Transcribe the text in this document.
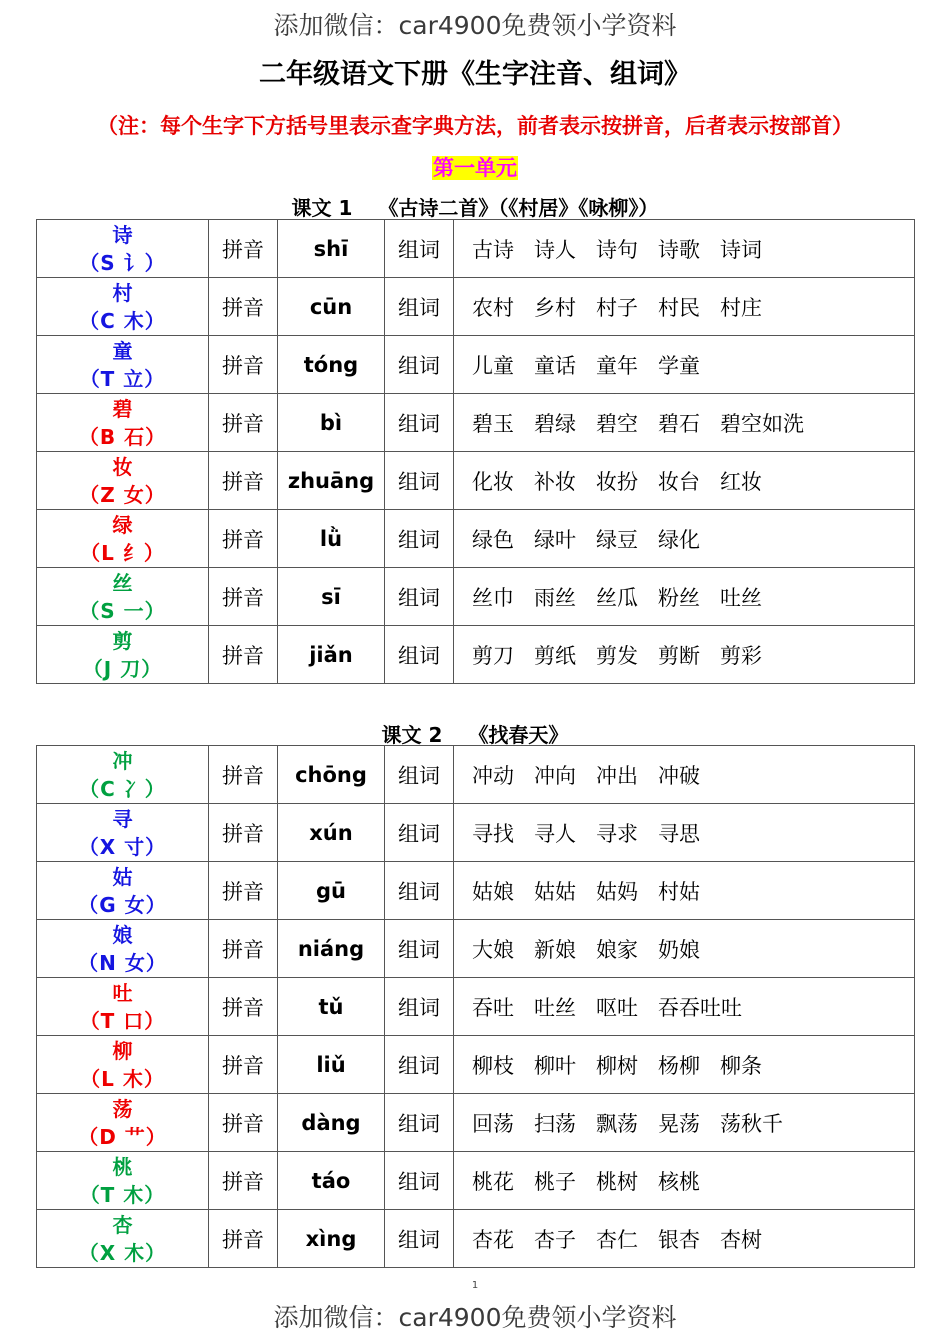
添加微信：car4900免费领小学资料
二年级语文下册《生字注音、组词》
（注：每个生字下方括号里表示查字典方法，前者表示按拼音，后者表示按部首）
第一单元
课文 1 《古诗二首》（《村居》《咏柳》）
诗
（S 讠）	拼音	shī	组词	古诗 诗人 诗句 诗歌 诗词

村
（C 木）	拼音	cūn	组词	农村 乡村 村子 村民 村庄

童
（T 立）	拼音	tóng	组词	儿童 童话 童年 学童

碧
（B 石）	拼音	bì	组词	碧玉 碧绿 碧空 碧石 碧空如洗

妆
（Z 女）	拼音	zhuāng	组词	化妆 补妆 妆扮 妆台 红妆

绿
（L 纟）	拼音	lǜ	组词	绿色 绿叶 绿豆 绿化

丝
（S 一）	拼音	sī	组词	丝巾 雨丝 丝瓜 粉丝 吐丝

剪
（J 刀）	拼音	jiǎn	组词	剪刀 剪纸 剪发 剪断 剪彩
课文 2 《找春天》
冲
（C 冫）	拼音	chōng	组词	冲动 冲向 冲出 冲破

寻
（X 寸）	拼音	xún	组词	寻找 寻人 寻求 寻思

姑
（G 女）	拼音	gū	组词	姑娘 姑姑 姑妈 村姑

娘
（N 女）	拼音	niáng	组词	大娘 新娘 娘家 奶娘

吐
（T 口）	拼音	tǔ	组词	吞吐 吐丝 呕吐 吞吞吐吐

柳
（L 木）	拼音	liǔ	组词	柳枝 柳叶 柳树 杨柳 柳条

荡
（D 艹）	拼音	dàng	组词	回荡 扫荡 飘荡 晃荡 荡秋千

桃
（T 木）	拼音	táo	组词	桃花 桃子 桃树 核桃

杏
（X 木）	拼音	xìng	组词	杏花 杏子 杏仁 银杏 杏树
1
添加微信：car4900免费领小学资料
